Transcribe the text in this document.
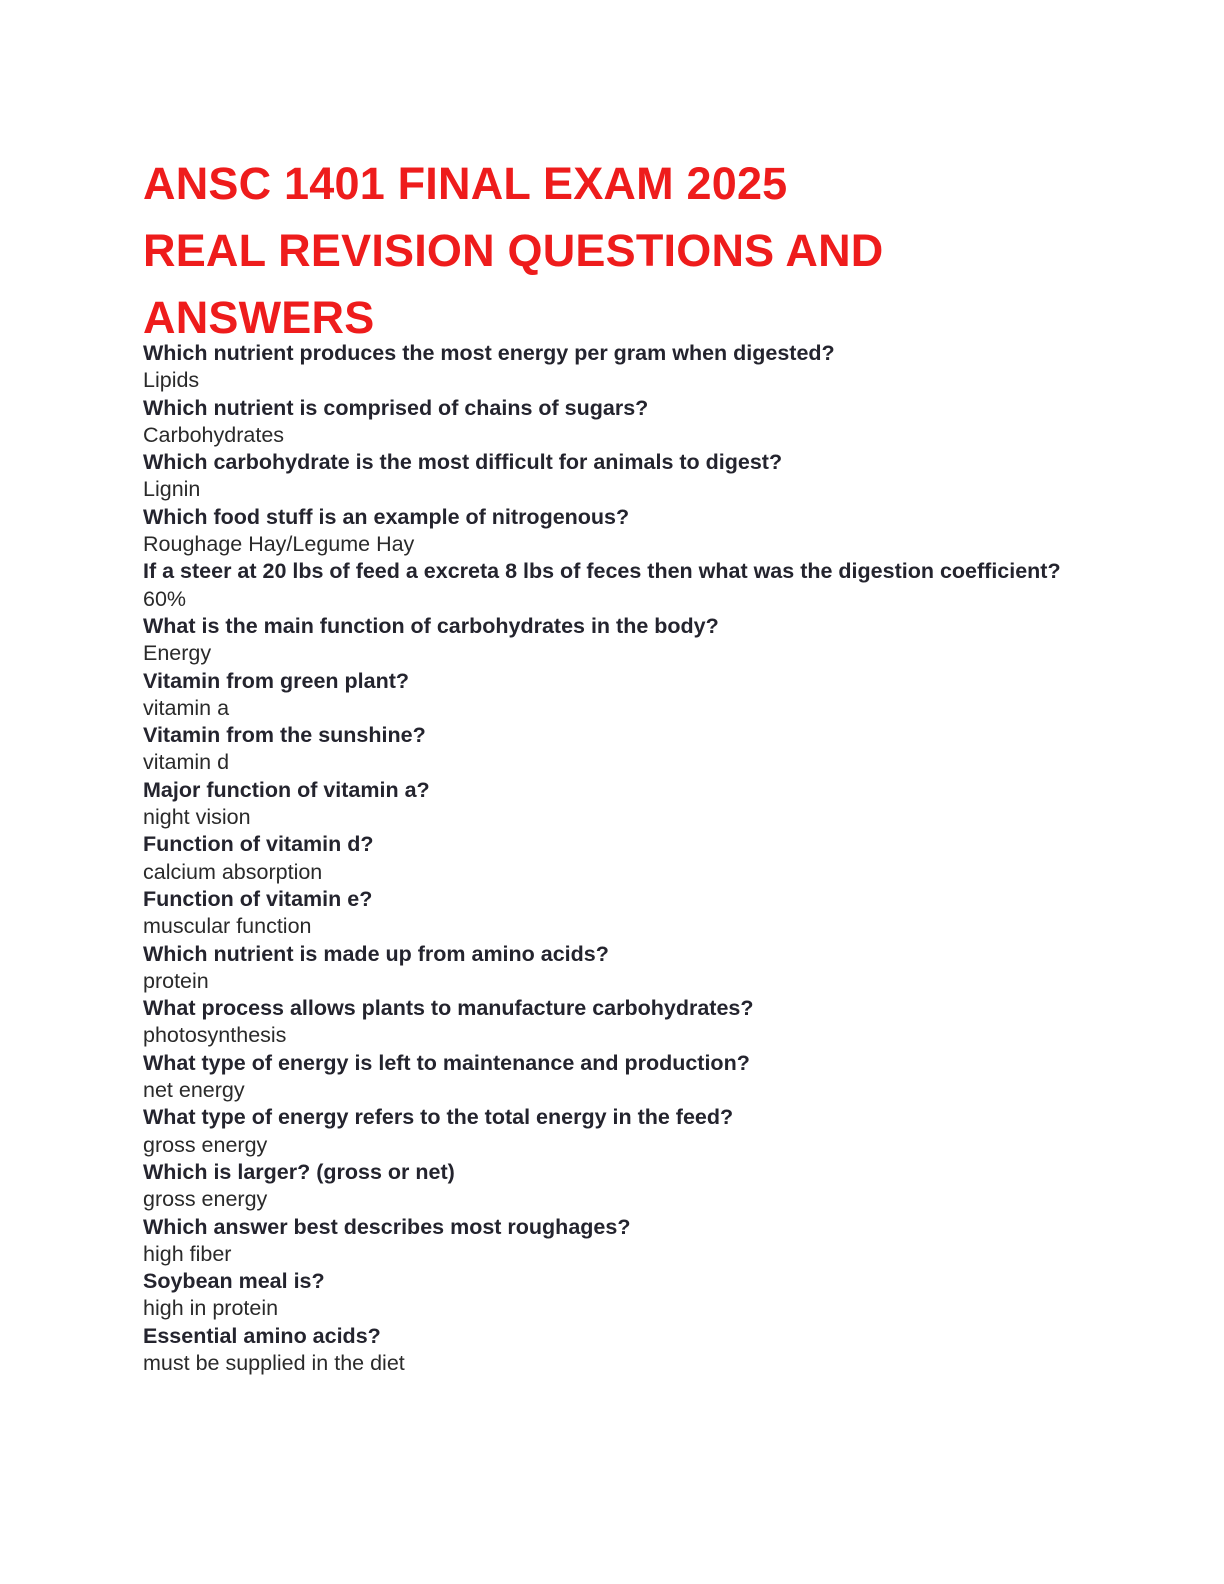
ANSC 1401 FINAL EXAM 2025
REAL REVISION QUESTIONS AND
ANSWERS
Which nutrient produces the most energy per gram when digested?
Lipids
Which nutrient is comprised of chains of sugars?
Carbohydrates
Which carbohydrate is the most difficult for animals to digest?
Lignin
Which food stuff is an example of nitrogenous?
Roughage Hay/Legume Hay
If a steer at 20 lbs of feed a excreta 8 lbs of feces then what was the digestion coefficient?
60%
What is the main function of carbohydrates in the body?
Energy
Vitamin from green plant?
vitamin a
Vitamin from the sunshine?
vitamin d
Major function of vitamin a?
night vision
Function of vitamin d?
calcium absorption
Function of vitamin e?
muscular function
Which nutrient is made up from amino acids?
protein
What process allows plants to manufacture carbohydrates?
photosynthesis
What type of energy is left to maintenance and production?
net energy
What type of energy refers to the total energy in the feed?
gross energy
Which is larger? (gross or net)
gross energy
Which answer best describes most roughages?
high fiber
Soybean meal is?
high in protein
Essential amino acids?
must be supplied in the diet
